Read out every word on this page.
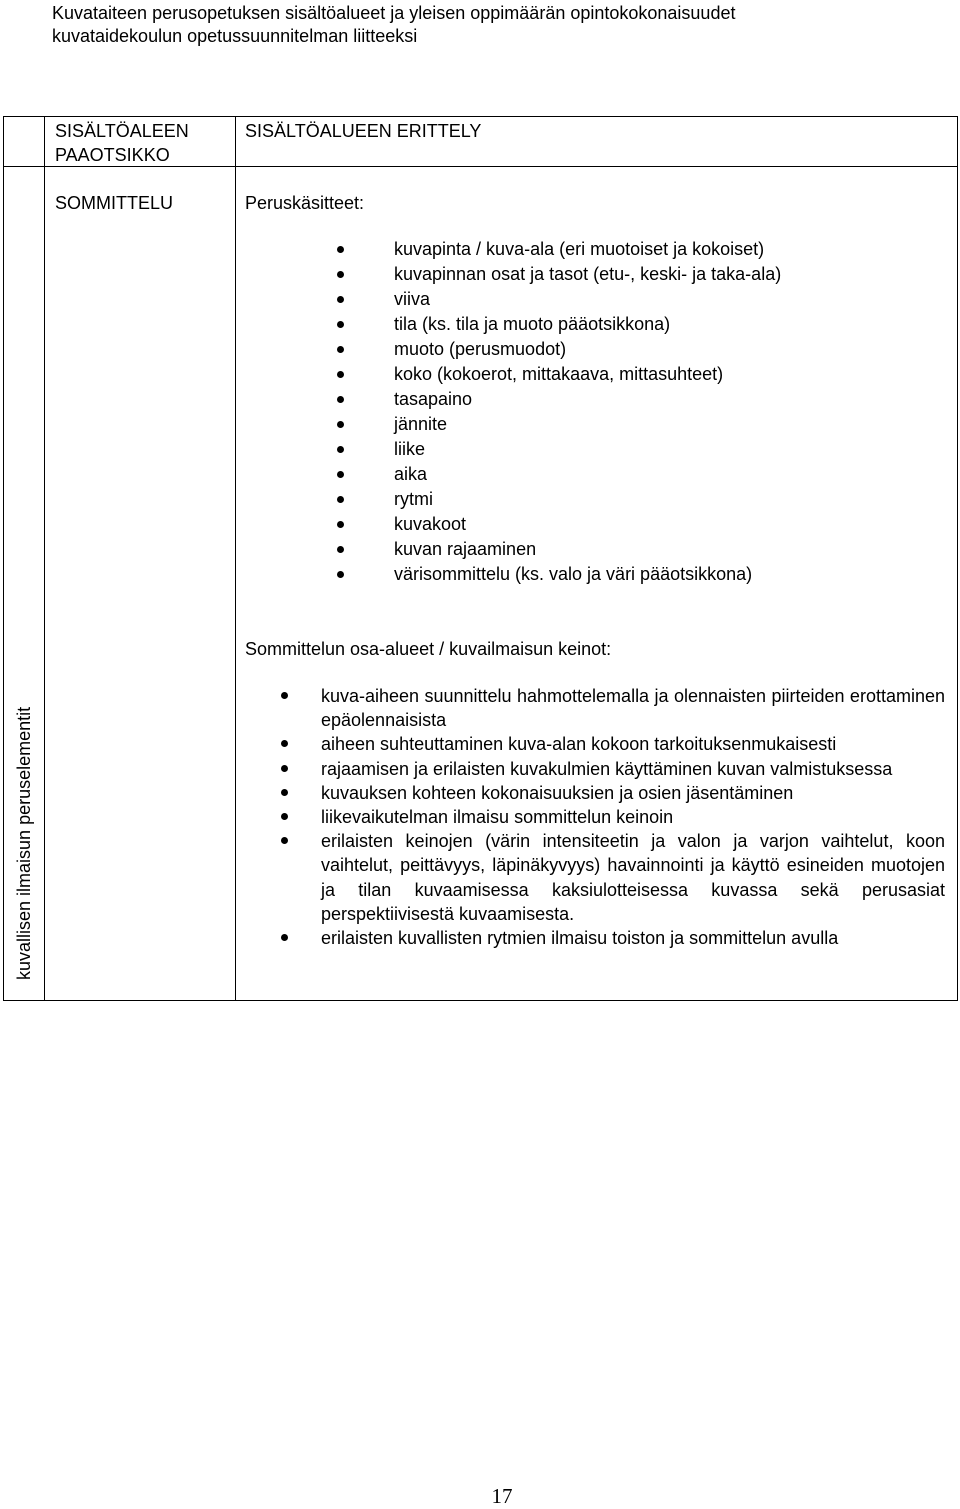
Kuvataiteen perusopetuksen sisältöalueet ja yleisen oppimäärän opintokokonaisuudet
kuvataidekoulun opetussuunnitelman liitteeksi
SISÄLTÖALEEN
PAAOTSIKKO
SISÄLTÖALUEEN ERITTELY
SOMMITTELU
kuvallisen ilmaisun peruselementit
Peruskäsitteet:
kuvapinta / kuva-ala (eri muotoiset ja kokoiset)
kuvapinnan osat ja tasot (etu-, keski- ja taka-ala)
viiva
tila (ks. tila ja muoto pääotsikkona)
muoto (perusmuodot)
koko (kokoerot, mittakaava, mittasuhteet)
tasapaino
jännite
liike
aika
rytmi
kuvakoot
kuvan rajaaminen
värisommittelu (ks. valo ja väri pääotsikkona)
Sommittelun osa-alueet / kuvailmaisun keinot:
kuva-aiheen suunnittelu hahmottelemalla ja olennaisten piirteiden erottaminen epäolennaisista
aiheen suhteuttaminen kuva-alan kokoon tarkoituksenmukaisesti
rajaamisen ja erilaisten kuvakulmien käyttäminen kuvan valmistuksessa
kuvauksen kohteen kokonaisuuksien ja osien jäsentäminen
liikevaikutelman ilmaisu sommittelun keinoin
erilaisten keinojen (värin intensiteetin ja valon ja varjon vaihtelut, koon vaihtelut, peittävyys, läpinäkyvyys) havainnointi ja käyttö esineiden muotojen ja tilan kuvaamisessa kaksiulotteisessa kuvassa sekä perusasiat perspektiivisestä kuvaamisesta.
erilaisten kuvallisten rytmien ilmaisu toiston ja sommittelun avulla
17
